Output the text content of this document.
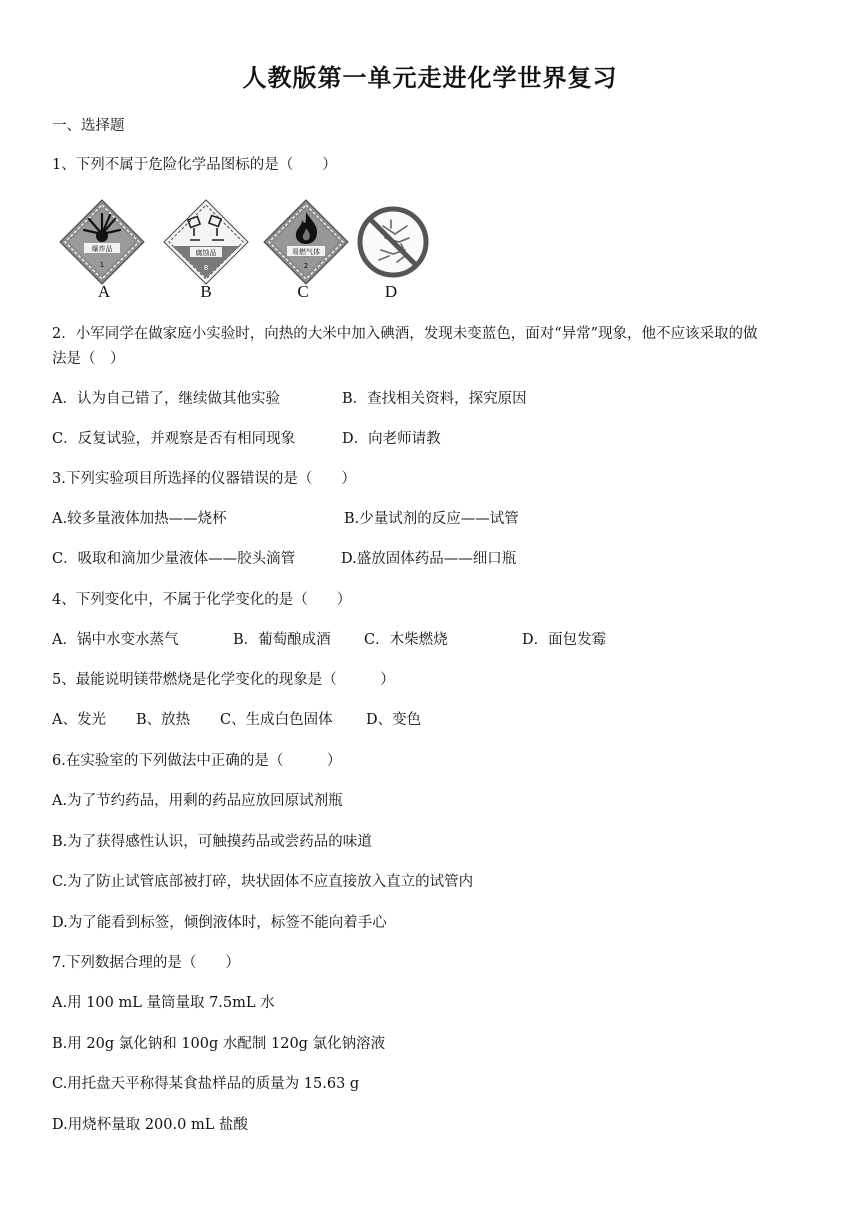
人教版第一单元走进化学世界复习
一、选择题
1、下列不属于危险化学品图标的是（　　）
爆炸品
1
腐蚀品
8
易燃气体
2
A	B	C	D
2．小军同学在做家庭小实验时，向热的大米中加入碘酒，发现未变蓝色，面对“异常”现象，他不应该采取的做
法是（　）
A．认为自己错了，继续做其他实验	B．查找相关资料，探究原因
C．反复试验，并观察是否有相同现象	D．向老师请教
3.下列实验项目所选择的仪器错误的是（　　）
A.较多量液体加热——烧杯	B.少量试剂的反应——试管
C．吸取和滴加少量液体——胶头滴管	D.盛放固体药品——细口瓶
4、下列变化中，不属于化学变化的是（　　）
A．锅中水变水蒸气	B．葡萄酿成酒 C．木柴燃烧	D．面包发霉
5、最能说明镁带燃烧是化学变化的现象是（　　　）
A、发光 B、放热 C、生成白色固体 D、变色
6.在实验室的下列做法中正确的是（　　　）
A.为了节约药品，用剩的药品应放回原试剂瓶
B.为了获得感性认识，可触摸药品或尝药品的味道
C.为了防止试管底部被打碎，块状固体不应直接放入直立的试管内
D.为了能看到标签，倾倒液体时，标签不能向着手心
7.下列数据合理的是（　　）
A.用 100 mL 量筒量取 7.5mL 水
B.用 20g 氯化钠和 100g 水配制 120g 氯化钠溶液
C.用托盘天平称得某食盐样品的质量为 15.63 g
D.用烧杯量取 200.0 mL 盐酸
